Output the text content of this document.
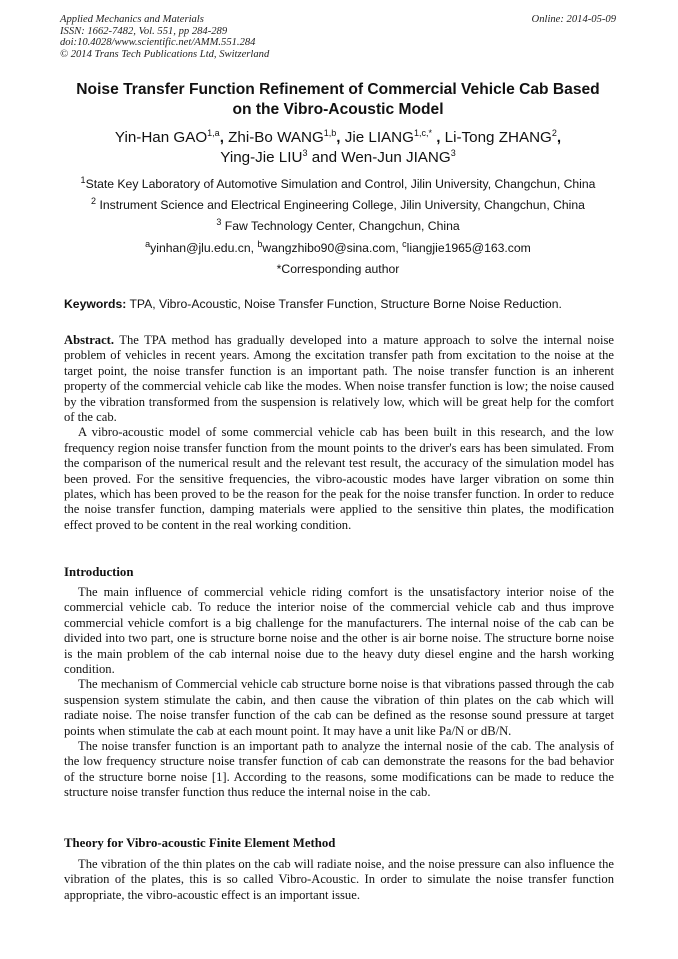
Applied Mechanics and Materials
ISSN: 1662-7482, Vol. 551, pp 284-289
doi:10.4028/www.scientific.net/AMM.551.284
© 2014 Trans Tech Publications Ltd, Switzerland
Online: 2014-05-09
Noise Transfer Function Refinement of Commercial Vehicle Cab Based
on the Vibro-Acoustic Model
Yin-Han GAO$^{1,a}$, Zhi-Bo WANG$^{1,b}$, Jie $LIANG^{1,c,*}$ , Li-Tong ZHANG$^2$,
Ying-Jie LIU$^3$ and Wen-Jun JIANG$^3$
$^1$State Key Laboratory of Automotive Simulation and Control, Jilin University, Changchun, China
$^2$ Instrument Science and Electrical Engineering College, Jilin University, Changchun, China
$^3$ Faw Technology Center, Changchun, China
$^a$yinhan@jlu.edu.cn, $^b$wangzhibo90@sina.com, $^c$liangjie1965@163.com
*Corresponding author
Keywords: TPA, Vibro-Acoustic, Noise Transfer Function, Structure Borne Noise Reduction.

Abstract. The TPA method has gradually developed into a mature approach to solve the internal noise problem of vehicles in recent years. Among the excitation transfer path from excitation to the noise at the target point, the noise transfer function is an important path. The noise transfer function is an inherent property of the commercial vehicle cab like the modes. When noise transfer function is low; the noise caused by the vibration transformed from the suspension is relatively low, which will be great help for the comfort of the cab.

A vibro-acoustic model of some commercial vehicle cab has been built in this research, and the low frequency region noise transfer function from the mount points to the driver's ears has been simulated. From the comparison of the numerical result and the relevant test result, the accuracy of the simulation model has been proved. For the sensitive frequencies, the vibro-acoustic modes have larger vibration on some thin plates, which has been proved to be the reason for the peak for the noise transfer function. In order to reduce the noise transfer function, damping materials were applied to the sensitive thin plates, the modification effect proved to be content in the real working condition.

Introduction

The main influence of commercial vehicle riding comfort is the unsatisfactory interior noise of the commercial vehicle cab. To reduce the interior noise of the commercial vehicle cab and thus improve commercial vehicle comfort is a big challenge for the manufacturers. The internal noise of the cab can be divided into two part, one is structure borne noise and the other is air borne noise. The structure borne noise is the main problem of the cab internal noise due to the heavy duty diesel engine and the harsh working condition.

The mechanism of Commercial vehicle cab structure borne noise is that vibrations passed through the cab suspension system stimulate the cabin, and then cause the vibration of thin plates on the cab which will radiate noise. The noise transfer function of the cab can be defined as the resonse sound pressure at target points when stimulate the cab at each mount point. It may have a unit like Pa/N or dB/N.

The noise transfer function is an important path to analyze the internal nosie of the cab. The analysis of the low frequency structure noise transfer function of cab can demonstrate the reasons for the bad behavior of the structure borne noise [1]. According to the reasons, some modifications can be made to reduce the structure noise transfer function thus reduce the internal noise in the cab.

Theory for Vibro-acoustic Finite Element Method

The vibration of the thin plates on the cab will radiate noise, and the noise pressure can also influence the vibration of the plates, this is so called Vibro-Acoustic. In order to simulate the noise transfer function appropriate, the vibro-acoustic effect is an important issue.
